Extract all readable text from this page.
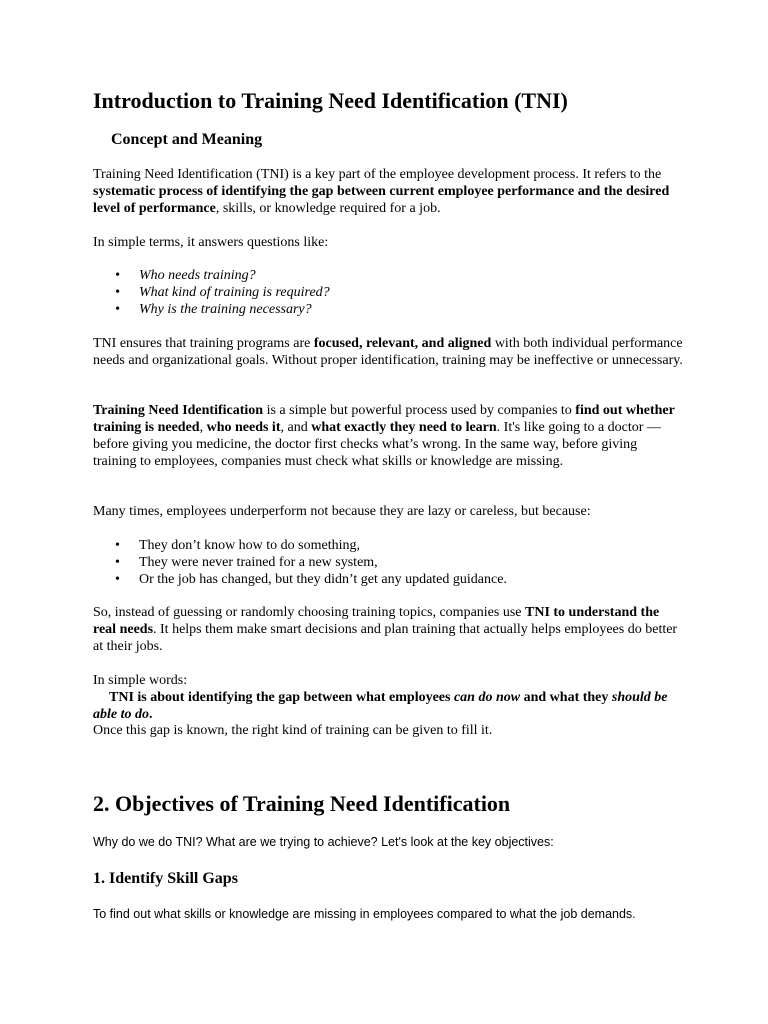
Introduction to Training Need Identification (TNI)
Concept and Meaning

Training Need Identification (TNI) is a key part of the employee development process. It refers to the systematic process of identifying the gap between current employee performance and the desired level of performance, skills, or knowledge required for a job.

In simple terms, it answers questions like:

• Who needs training?
• What kind of training is required?
• Why is the training necessary?

TNI ensures that training programs are focused, relevant, and aligned with both individual performance needs and organizational goals. Without proper identification, training may be ineffective or unnecessary.

Training Need Identification is a simple but powerful process used by companies to find out whether training is needed, who needs it, and what exactly they need to learn. It's like going to a doctor — before giving you medicine, the doctor first checks what’s wrong. In the same way, before giving training to employees, companies must check what skills or knowledge are missing.

Many times, employees underperform not because they are lazy or careless, but because:

• They don’t know how to do something,
• They were never trained for a new system,
• Or the job has changed, but they didn’t get any updated guidance.

So, instead of guessing or randomly choosing training topics, companies use TNI to understand the real needs. It helps them make smart decisions and plan training that actually helps employees do better at their jobs.

In simple words:

TNI is about identifying the gap between what employees can do now and what they should be able to do.

Once this gap is known, the right kind of training can be given to fill it.

2. Objectives of Training Need Identification

Why do we do TNI? What are we trying to achieve? Let's look at the key objectives:

1. Identify Skill Gaps

To find out what skills or knowledge are missing in employees compared to what the job demands.
